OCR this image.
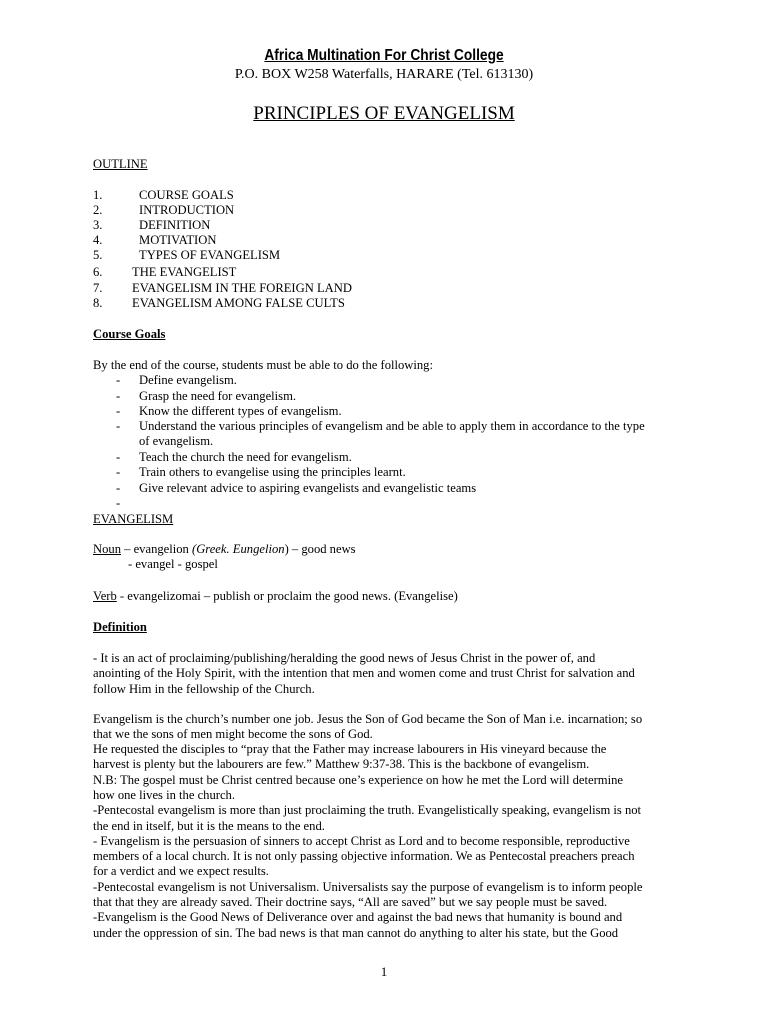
Africa Multination For Christ College
P.O. BOX W258 Waterfalls, HARARE (Tel. 613130)
PRINCIPLES OF EVANGELISM
OUTLINE
1.	COURSE GOALS
2.	INTRODUCTION
3.	DEFINITION
4.	MOTIVATION
5.	TYPES OF EVANGELISM
6. THE EVANGELIST
7. EVANGELISM IN THE FOREIGN LAND
8. EVANGELISM AMONG FALSE CULTS
Course Goals
By the end of the course, students must be able to do the following:
- Define evangelism.
- Grasp the need for evangelism.
- Know the different types of evangelism.
- Understand the various principles of evangelism and be able to apply them in accordance to the type
of evangelism.
- Teach the church the need for evangelism.
- Train others to evangelise using the principles learnt.
- Give relevant advice to aspiring evangelists and evangelistic teams
-
EVANGELISM
Noun – evangelion (Greek. Eungelion) – good news
- evangel - gospel
Verb - evangelizomai – publish or proclaim the good news. (Evangelise)
Definition
- It is an act of proclaiming/publishing/heralding the good news of Jesus Christ in the power of, and
anointing of the Holy Spirit, with the intention that men and women come and trust Christ for salvation and
follow Him in the fellowship of the Church.
Evangelism is the church’s number one job. Jesus the Son of God became the Son of Man i.e. incarnation; so
that we the sons of men might become the sons of God.
He requested the disciples to “pray that the Father may increase labourers in His vineyard because the
harvest is plenty but the labourers are few.” Matthew 9:37-38. This is the backbone of evangelism.
N.B: The gospel must be Christ centred because one’s experience on how he met the Lord will determine
how one lives in the church.
-Pentecostal evangelism is more than just proclaiming the truth. Evangelistically speaking, evangelism is not
the end in itself, but it is the means to the end.
- Evangelism is the persuasion of sinners to accept Christ as Lord and to become responsible, reproductive
members of a local church. It is not only passing objective information. We as Pentecostal preachers preach
for a verdict and we expect results.
-Pentecostal evangelism is not Universalism. Universalists say the purpose of evangelism is to inform people
that that they are already saved. Their doctrine says, “All are saved” but we say people must be saved.
-Evangelism is the Good News of Deliverance over and against the bad news that humanity is bound and
under the oppression of sin. The bad news is that man cannot do anything to alter his state, but the Good
1
